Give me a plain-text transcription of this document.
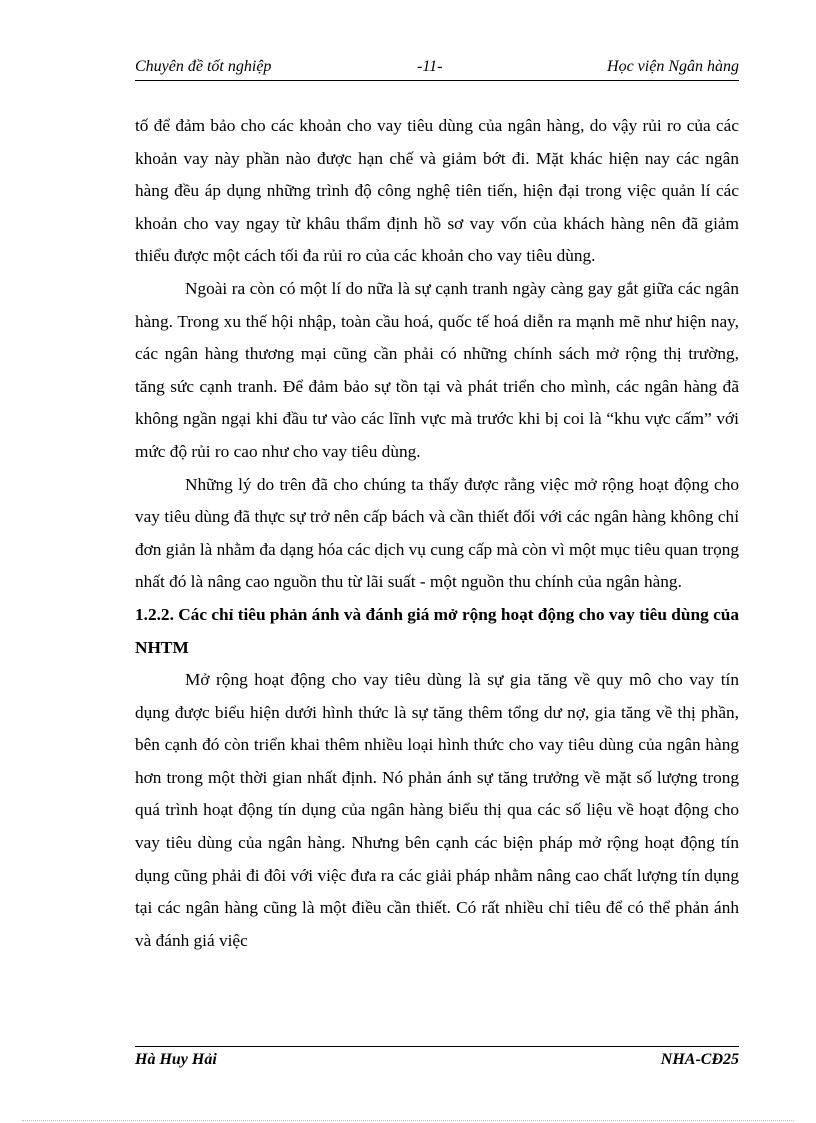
Chuyên đề tốt nghiệp	-11-	Học viện Ngân hàng

tố để đảm bảo cho các khoản cho vay tiêu dùng của ngân hàng, do vậy rủi ro của các khoản vay này phần nào được hạn chế và giảm bớt đi. Mặt khác hiện nay các ngân hàng đều áp dụng những trình độ công nghệ tiên tiến, hiện đại trong việc quản lí các khoản cho vay ngay từ khâu thẩm định hồ sơ vay vốn của khách hàng nên đã giảm thiểu được một cách tối đa rủi ro của các khoản cho vay tiêu dùng.

Ngoài ra còn có một lí do nữa là sự cạnh tranh ngày càng gay gắt giữa các ngân hàng. Trong xu thế hội nhập, toàn cầu hoá, quốc tế hoá diễn ra mạnh mẽ như hiện nay, các ngân hàng thương mại cũng cần phải có những chính sách mở rộng thị trường, tăng sức cạnh tranh. Để đảm bảo sự tồn tại và phát triển cho mình, các ngân hàng đã không ngần ngại khi đầu tư vào các lĩnh vực mà trước khi bị coi là “khu vực cấm” với mức độ rủi ro cao như cho vay tiêu dùng.

Những lý do trên đã cho chúng ta thấy được rằng việc mở rộng hoạt động cho vay tiêu dùng đã thực sự trở nên cấp bách và cần thiết đối với các ngân hàng không chỉ đơn giản là nhằm đa dạng hóa các dịch vụ cung cấp mà còn vì một mục tiêu quan trọng nhất đó là nâng cao nguồn thu từ lãi suất - một nguồn thu chính của ngân hàng.

1.2.2. Các chỉ tiêu phản ánh và đánh giá mở rộng hoạt động cho vay tiêu dùng của NHTM

Mở rộng hoạt động cho vay tiêu dùng là sự gia tăng về quy mô cho vay tín dụng được biểu hiện dưới hình thức là sự tăng thêm tổng dư nợ, gia tăng về thị phần, bên cạnh đó còn triển khai thêm nhiều loại hình thức cho vay tiêu dùng của ngân hàng hơn trong một thời gian nhất định. Nó phản ánh sự tăng trưởng về mặt số lượng trong quá trình hoạt động tín dụng của ngân hàng biểu thị qua các số liệu về hoạt động cho vay tiêu dùng của ngân hàng. Nhưng bên cạnh các biện pháp mở rộng hoạt động tín dụng cũng phải đi đôi với việc đưa ra các giải pháp nhằm nâng cao chất lượng tín dụng tại các ngân hàng cũng là một điều cần thiết. Có rất nhiều chỉ tiêu để có thể phản ánh và đánh giá việc

Hà Huy Hải	NHA-CĐ25
